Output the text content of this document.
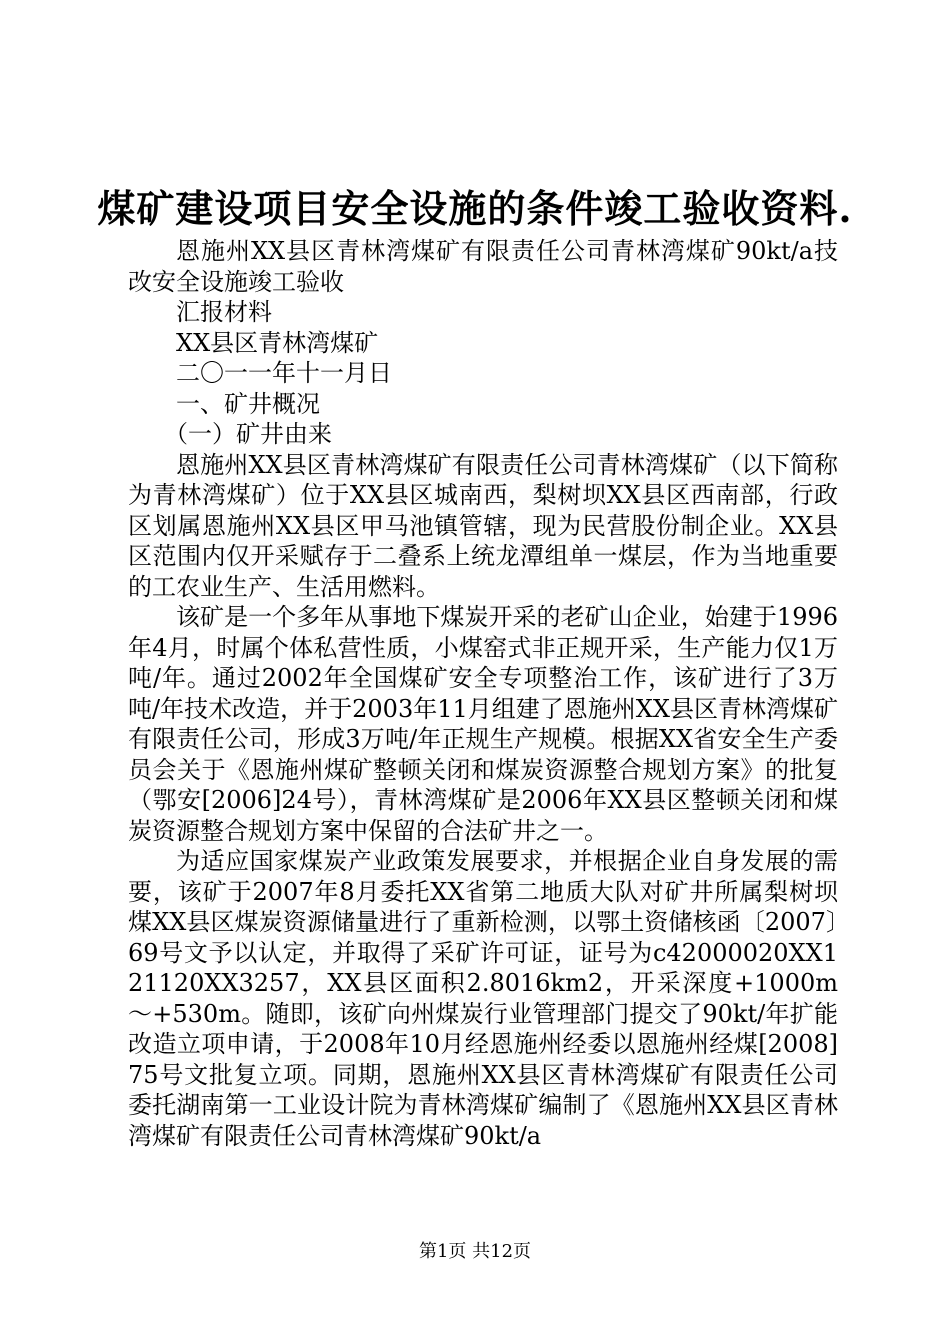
煤矿建设项目安全设施的条件竣工验收资料.

恩施州XX县区青林湾煤矿有限责任公司青林湾煤矿90kt/a技改安全设施竣工验收

汇报材料

XX县区青林湾煤矿

二〇一一年十一月日

一、矿井概况

（一）矿井由来

恩施州XX县区青林湾煤矿有限责任公司青林湾煤矿（以下简称为青林湾煤矿）位于XX县区城南西，梨树坝XX县区西南部，行政区划属恩施州XX县区甲马池镇管辖，现为民营股份制企业。XX县区范围内仅开采赋存于二叠系上统龙潭组单一煤层，作为当地重要的工农业生产、生活用燃料。

该矿是一个多年从事地下煤炭开采的老矿山企业，始建于1996年4月，时属个体私营性质，小煤窑式非正规开采，生产能力仅1万吨/年。通过2002年全国煤矿安全专项整治工作，该矿进行了3万吨/年技术改造，并于2003年11月组建了恩施州XX县区青林湾煤矿有限责任公司，形成3万吨/年正规生产规模。根据XX省安全生产委员会关于《恩施州煤矿整顿关闭和煤炭资源整合规划方案》的批复（鄂安[2006]24号），青林湾煤矿是2006年XX县区整顿关闭和煤炭资源整合规划方案中保留的合法矿井之一。

为适应国家煤炭产业政策发展要求，并根据企业自身发展的需要，该矿于2007年8月委托XX省第二地质大队对矿井所属梨树坝煤XX县区煤炭资源储量进行了重新检测，以鄂土资储核函〔2007〕69号文予以认定，并取得了采矿许可证，证号为c42000020XX121120XX3257，XX县区面积2.8016km2，开采深度+1000m～+530m。随即，该矿向州煤炭行业管理部门提交了90kt/年扩能改造立项申请，于2008年10月经恩施州经委以恩施州经煤[2008]75号文批复立项。同期，恩施州XX县区青林湾煤矿有限责任公司委托湖南第一工业设计院为青林湾煤矿编制了《恩施州XX县区青林湾煤矿有限责任公司青林湾煤矿90kt/a

第1页 共12页
